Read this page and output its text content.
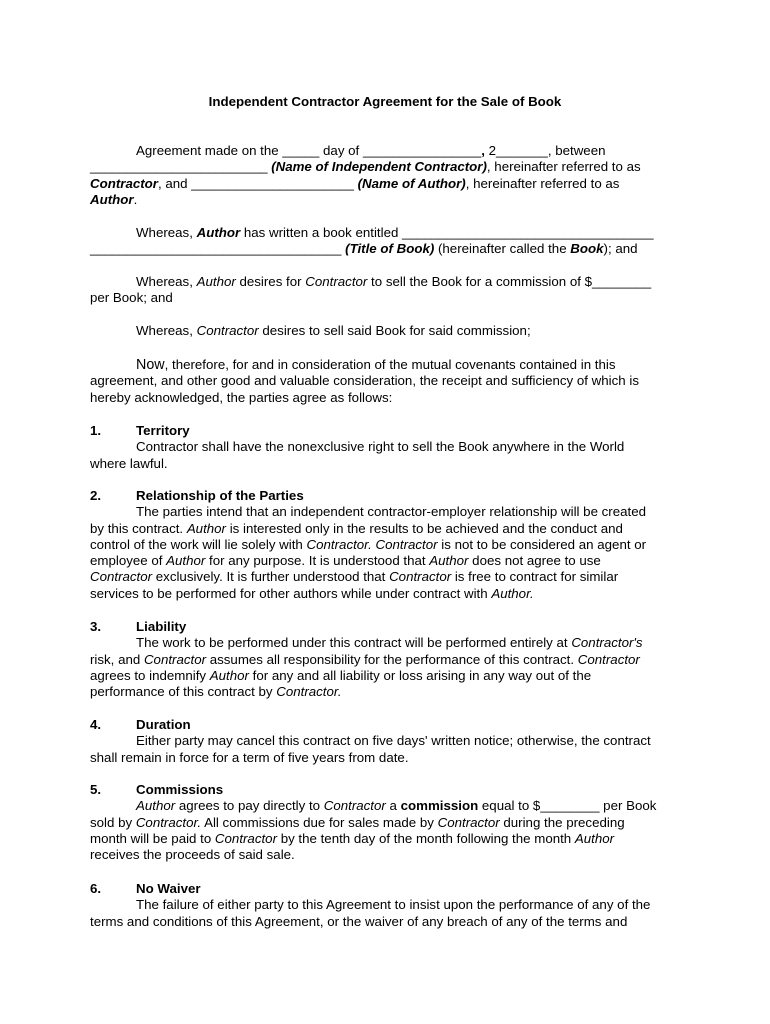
Independent Contractor Agreement for the Sale of Book
Agreement made on the _____ day of ________________, 2_______, between
________________________ (Name of Independent Contractor), hereinafter referred to as
Contractor, and ______________________ (Name of Author), hereinafter referred to as
Author.
Whereas, Author has written a book entitled __________________________________
__________________________________ (Title of Book) (hereinafter called the Book); and
Whereas, Author desires for Contractor to sell the Book for a commission of $________
per Book; and
Whereas, Contractor desires to sell said Book for said commission;
Now, therefore, for and in consideration of the mutual covenants contained in this
agreement, and other good and valuable consideration, the receipt and sufficiency of which is
hereby acknowledged, the parties agree as follows:
1.	Territory
Contractor shall have the nonexclusive right to sell the Book anywhere in the World
where lawful.
2.	Relationship of the Parties
The parties intend that an independent contractor-employer relationship will be created
by this contract. Author is interested only in the results to be achieved and the conduct and
control of the work will lie solely with Contractor. Contractor is not to be considered an agent or
employee of Author for any purpose. It is understood that Author does not agree to use
Contractor exclusively. It is further understood that Contractor is free to contract for similar
services to be performed for other authors while under contract with Author.
3.	Liability
The work to be performed under this contract will be performed entirely at Contractor's
risk, and Contractor assumes all responsibility for the performance of this contract. Contractor
agrees to indemnify Author for any and all liability or loss arising in any way out of the
performance of this contract by Contractor.
4.	Duration
Either party may cancel this contract on five days' written notice; otherwise, the contract
shall remain in force for a term of five years from date.
5.	Commissions
Author agrees to pay directly to Contractor a commission equal to $________ per Book
sold by Contractor. All commissions due for sales made by Contractor during the preceding
month will be paid to Contractor by the tenth day of the month following the month Author
receives the proceeds of said sale.
6.	No Waiver
The failure of either party to this Agreement to insist upon the performance of any of the
terms and conditions of this Agreement, or the waiver of any breach of any of the terms and
